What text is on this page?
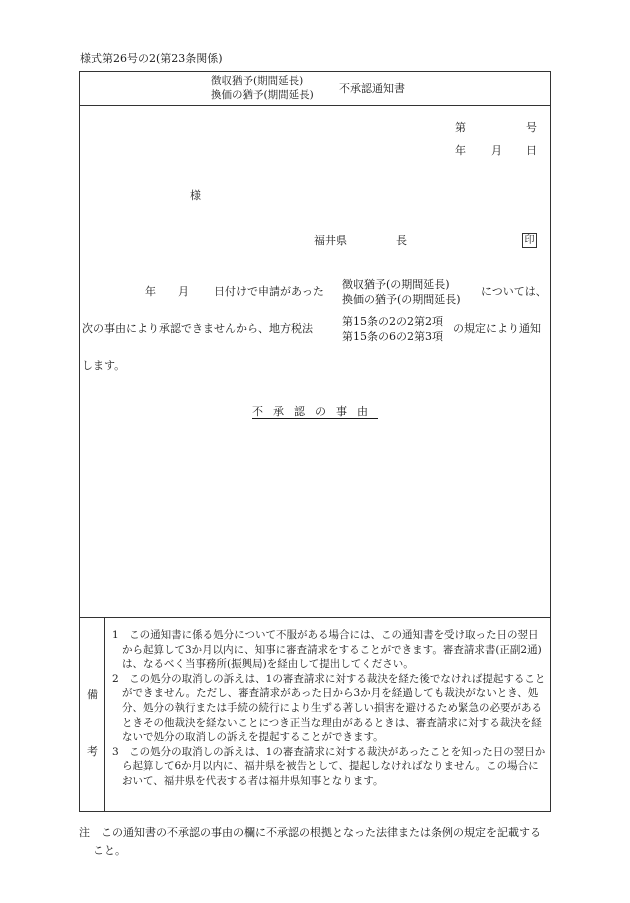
様式第26号の2(第23条関係)
徴収猶予(期間延長)
換価の猶予(期間延長) 不承認通知書
第	号
年 月 日
様
福井県	長	印
年 月 日付けで申請があった
徴収猶予(の期間延長)
換価の猶予(の期間延長)
については、
次の事由により承認できませんから、地方税法
第15条の2の2第2項
第15条の6の2第3項
の規定により通知
します。
不承認の事由
備
考

1　この通知書に係る処分について不服がある場合には、この通知書を受け取った日の翌日から起算して3か月以内に、知事に審査請求をすることができます。審査請求書(正副2通)は、なるべく当事務所(振興局)を経由して提出してください。

2　この処分の取消しの訴えは、1の審査請求に対する裁決を経た後でなければ提起することができません。ただし、審査請求があった日から3か月を経過しても裁決がないとき、処分、処分の執行または手続の続行により生ずる著しい損害を避けるため緊急の必要があるときその他裁決を経ないことにつき正当な理由があるときは、審査請求に対する裁決を経ないで処分の取消しの訴えを提起することができます。

3　この処分の取消しの訴えは、1の審査請求に対する裁決があったことを知った日の翌日から起算して6か月以内に、福井県を被告として、提起しなければなりません。この場合において、福井県を代表する者は福井県知事となります。

注　この通知書の不承認の事由の欄に不承認の根拠となった法律または条例の規定を記載すること。
